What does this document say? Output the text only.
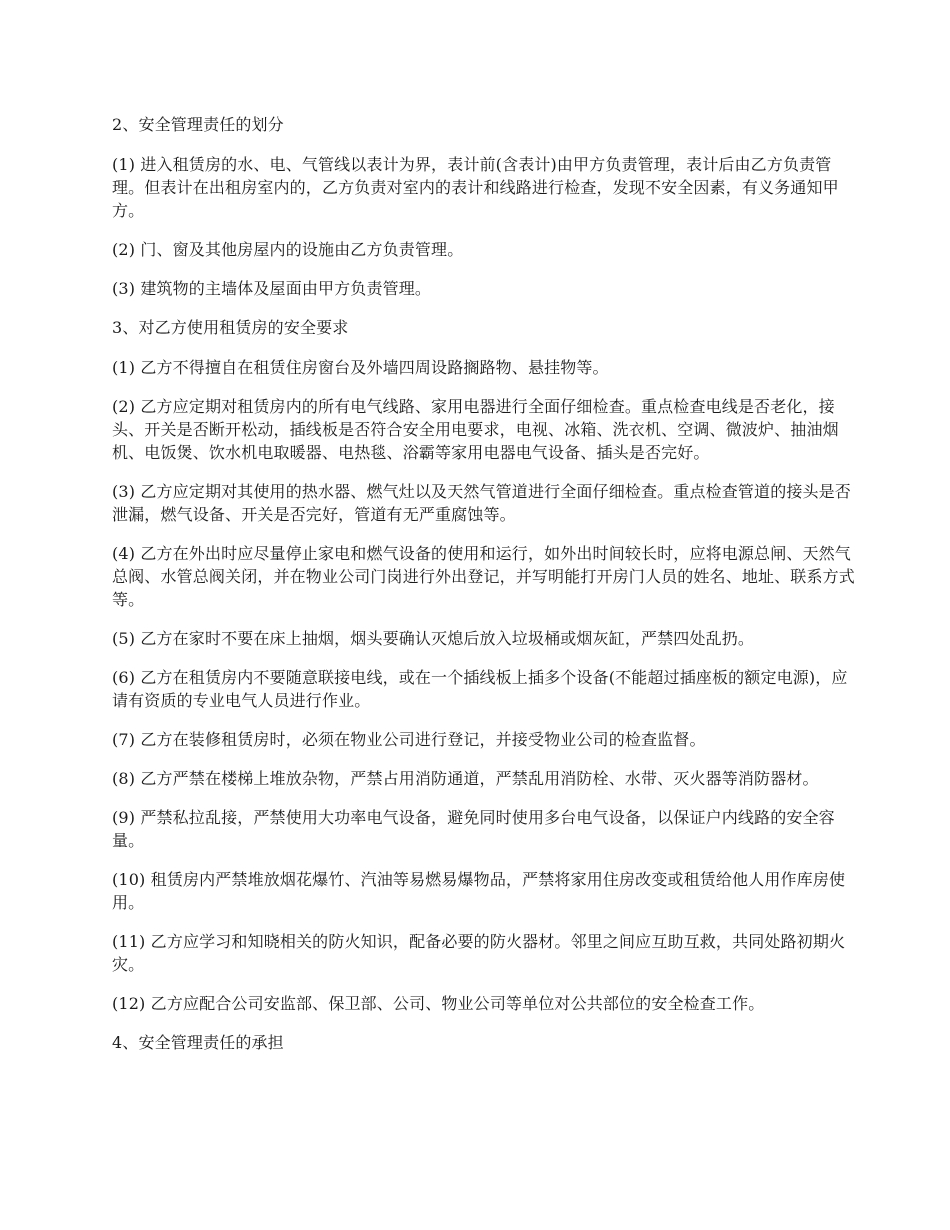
2、安全管理责任的划分

(1) 进入租赁房的水、电、气管线以表计为界，表计前(含表计)由甲方负责管理，表计后由乙方负责管理。但表计在出租房室内的，乙方负责对室内的表计和线路进行检查，发现不安全因素，有义务通知甲方。

(2) 门、窗及其他房屋内的设施由乙方负责管理。

(3) 建筑物的主墙体及屋面由甲方负责管理。

3、对乙方使用租赁房的安全要求

(1) 乙方不得擅自在租赁住房窗台及外墙四周设路搁路物、悬挂物等。

(2) 乙方应定期对租赁房内的所有电气线路、家用电器进行全面仔细检查。重点检查电线是否老化，接头、开关是否断开松动，插线板是否符合安全用电要求，电视、冰箱、洗衣机、空调、微波炉、抽油烟机、电饭煲、饮水机电取暖器、电热毯、浴霸等家用电器电气设备、插头是否完好。

(3) 乙方应定期对其使用的热水器、燃气灶以及天然气管道进行全面仔细检查。重点检查管道的接头是否泄漏，燃气设备、开关是否完好，管道有无严重腐蚀等。

(4) 乙方在外出时应尽量停止家电和燃气设备的使用和运行，如外出时间较长时，应将电源总闸、天然气总阀、水管总阀关闭，并在物业公司门岗进行外出登记，并写明能打开房门人员的姓名、地址、联系方式等。

(5) 乙方在家时不要在床上抽烟，烟头要确认灭熄后放入垃圾桶或烟灰缸，严禁四处乱扔。

(6) 乙方在租赁房内不要随意联接电线，或在一个插线板上插多个设备(不能超过插座板的额定电源)，应请有资质的专业电气人员进行作业。

(7) 乙方在装修租赁房时，必须在物业公司进行登记，并接受物业公司的检查监督。

(8) 乙方严禁在楼梯上堆放杂物，严禁占用消防通道，严禁乱用消防栓、水带、灭火器等消防器材。

(9) 严禁私拉乱接，严禁使用大功率电气设备，避免同时使用多台电气设备，以保证户内线路的安全容量。

(10) 租赁房内严禁堆放烟花爆竹、汽油等易燃易爆物品，严禁将家用住房改变或租赁给他人用作库房使用。

(11) 乙方应学习和知晓相关的防火知识，配备必要的防火器材。邻里之间应互助互救，共同处路初期火灾。

(12) 乙方应配合公司安监部、保卫部、公司、物业公司等单位对公共部位的安全检查工作。

4、安全管理责任的承担
